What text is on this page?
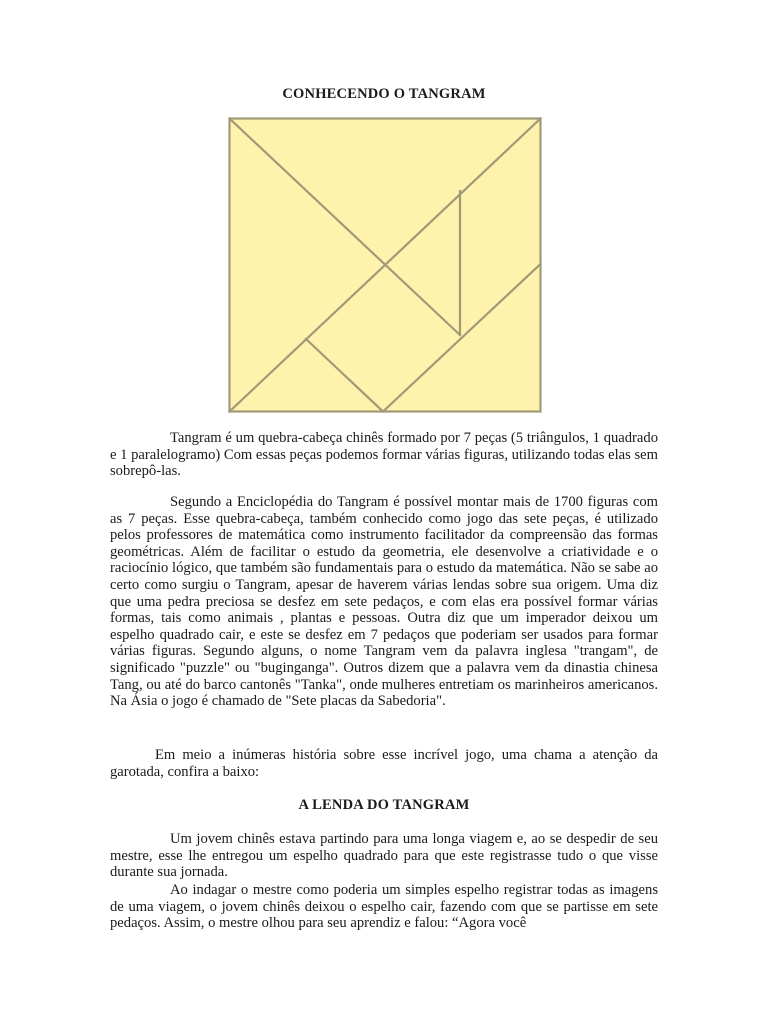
CONHECENDO O TANGRAM

Tangram é um quebra-cabeça chinês formado por 7 peças (5 triângulos, 1 quadrado e 1 paralelogramo) Com essas peças podemos formar várias figuras, utilizando todas elas sem sobrepô-las.

Segundo a Enciclopédia do Tangram é possível montar mais de 1700 figuras com as 7 peças. Esse quebra-cabeça, também conhecido como jogo das sete peças, é utilizado pelos professores de matemática como instrumento facilitador da compreensão das formas geométricas. Além de facilitar o estudo da geometria, ele desenvolve a criatividade e o raciocínio lógico, que também são fundamentais para o estudo da matemática. Não se sabe ao certo como surgiu o Tangram, apesar de haverem várias lendas sobre sua origem. Uma diz que uma pedra preciosa se desfez em sete pedaços, e com elas era possível formar várias formas, tais como animais , plantas e pessoas. Outra diz que um imperador deixou um espelho quadrado cair, e este se desfez em 7 pedaços que poderiam ser usados para formar várias figuras. Segundo alguns, o nome Tangram vem da palavra inglesa "trangam", de significado "puzzle" ou "buginganga". Outros dizem que a palavra vem da dinastia chinesa Tang, ou até do barco cantonês "Tanka", onde mulheres entretiam os marinheiros americanos. Na Ásia o jogo é chamado de "Sete placas da Sabedoria".

Em meio a inúmeras história sobre esse incrível jogo, uma chama a atenção da garotada, confira a baixo:

A LENDA DO TANGRAM

Um jovem chinês estava partindo para uma longa viagem e, ao se despedir de seu mestre, esse lhe entregou um espelho quadrado para que este registrasse tudo o que visse durante sua jornada.

Ao indagar o mestre como poderia um simples espelho registrar todas as imagens de uma viagem, o jovem chinês deixou o espelho cair, fazendo com que se partisse em sete pedaços. Assim, o mestre olhou para seu aprendiz e falou: “Agora você
